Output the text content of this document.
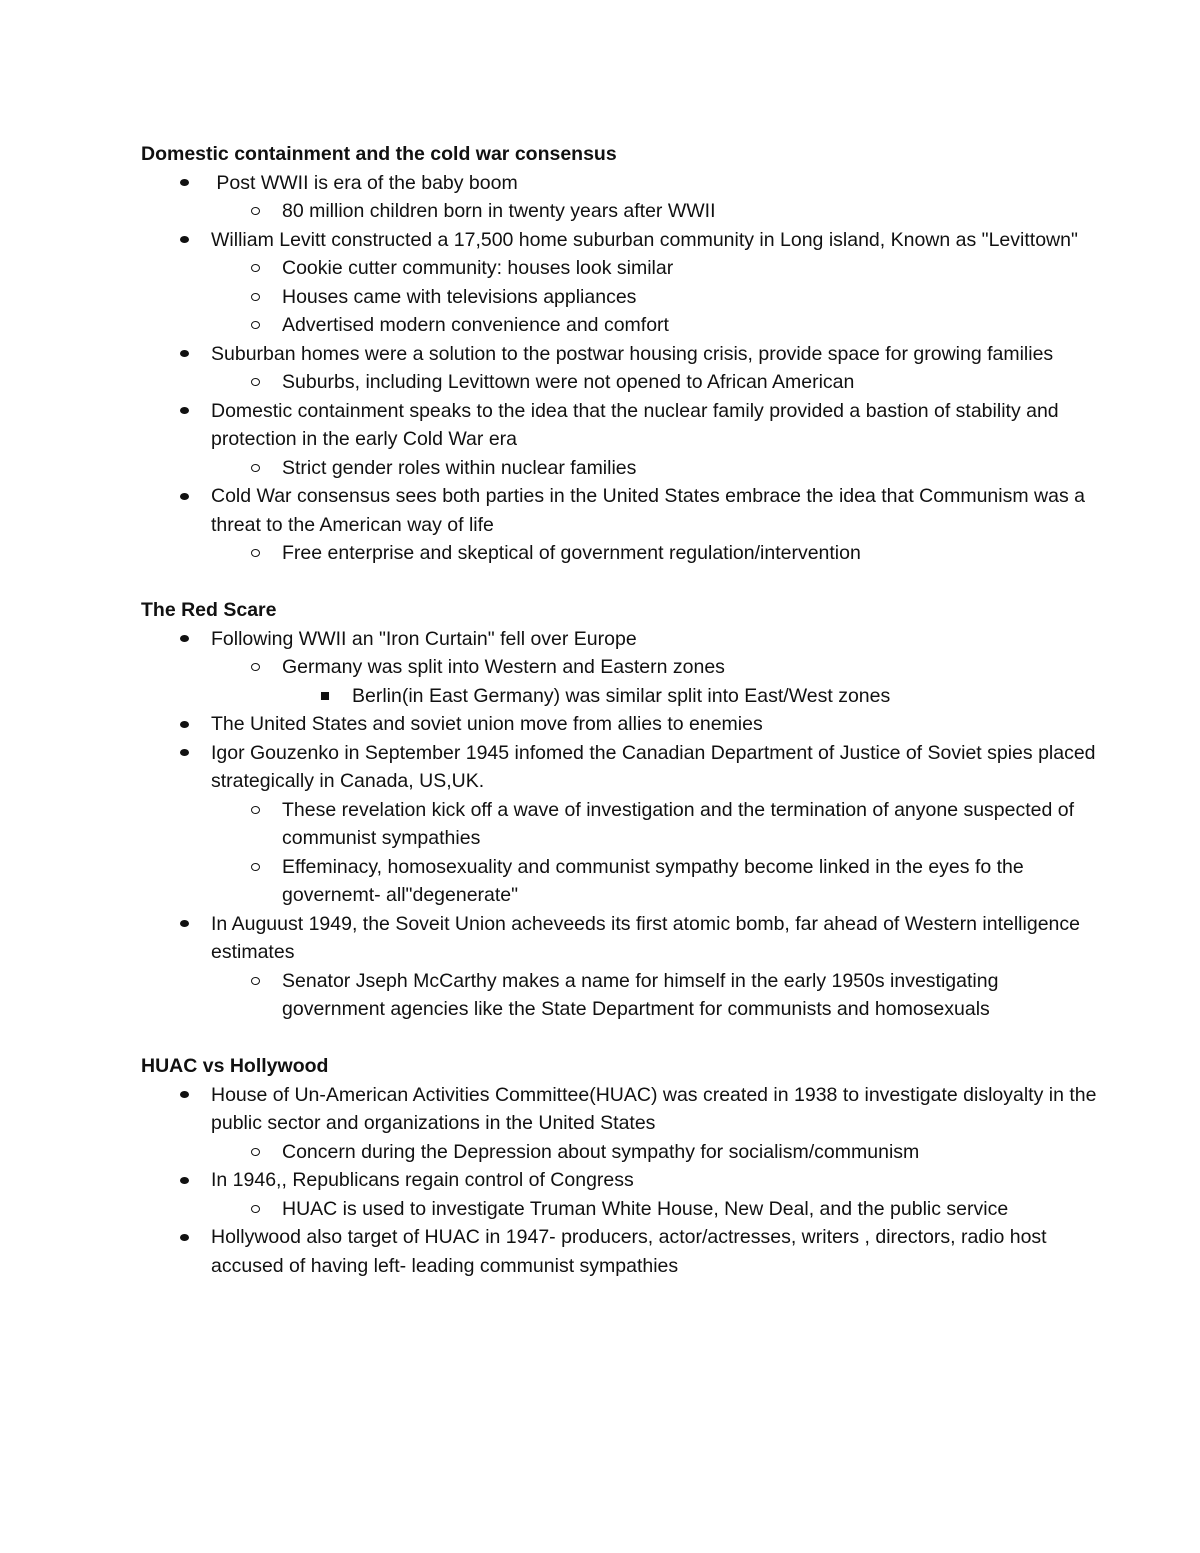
Domestic containment and the cold war consensus

Post WWII is era of the baby boom
80 million children born in twenty years after WWII
William Levitt constructed a 17,500 home suburban community in Long island, Known as "Levittown"
Cookie cutter community: houses look similar
Houses came with televisions appliances
Advertised modern convenience and comfort
Suburban homes were a solution to the postwar housing crisis, provide space for growing families
Suburbs, including Levittown were not opened to African American
Domestic containment speaks to the idea that the nuclear family provided a bastion of stability and protection in the early Cold War era
Strict gender roles within nuclear families
Cold War consensus sees both parties in the United States embrace the idea that Communism was a threat to the American way of life
Free enterprise and skeptical of government regulation/intervention

The Red Scare

Following WWII an "Iron Curtain" fell over Europe
Germany was split into Western and Eastern zones
Berlin(in East Germany) was similar split into East/West zones
The United States and soviet union move from allies to enemies
Igor Gouzenko in September 1945 infomed the Canadian Department of Justice of Soviet spies placed strategically in Canada, US,UK.
These revelation kick off a wave of investigation and the termination of anyone suspected of communist sympathies
Effeminacy, homosexuality and communist sympathy become linked in the eyes fo the governemt- all"degenerate"
In Auguust 1949, the Soveit Union acheveeds its first atomic bomb, far ahead of Western intelligence estimates
Senator Jseph McCarthy makes a name for himself in the early 1950s investigating government agencies like the State Department for communists and homosexuals

HUAC vs Hollywood

House of Un-American Activities Committee(HUAC) was created in 1938 to investigate disloyalty in the public sector and organizations in the United States
Concern during the Depression about sympathy for socialism/communism
In 1946,, Republicans regain control of Congress
HUAC is used to investigate Truman White House, New Deal, and the public service
Hollywood also target of HUAC in 1947- producers, actor/actresses, writers , directors, radio host accused of having left- leading communist sympathies
